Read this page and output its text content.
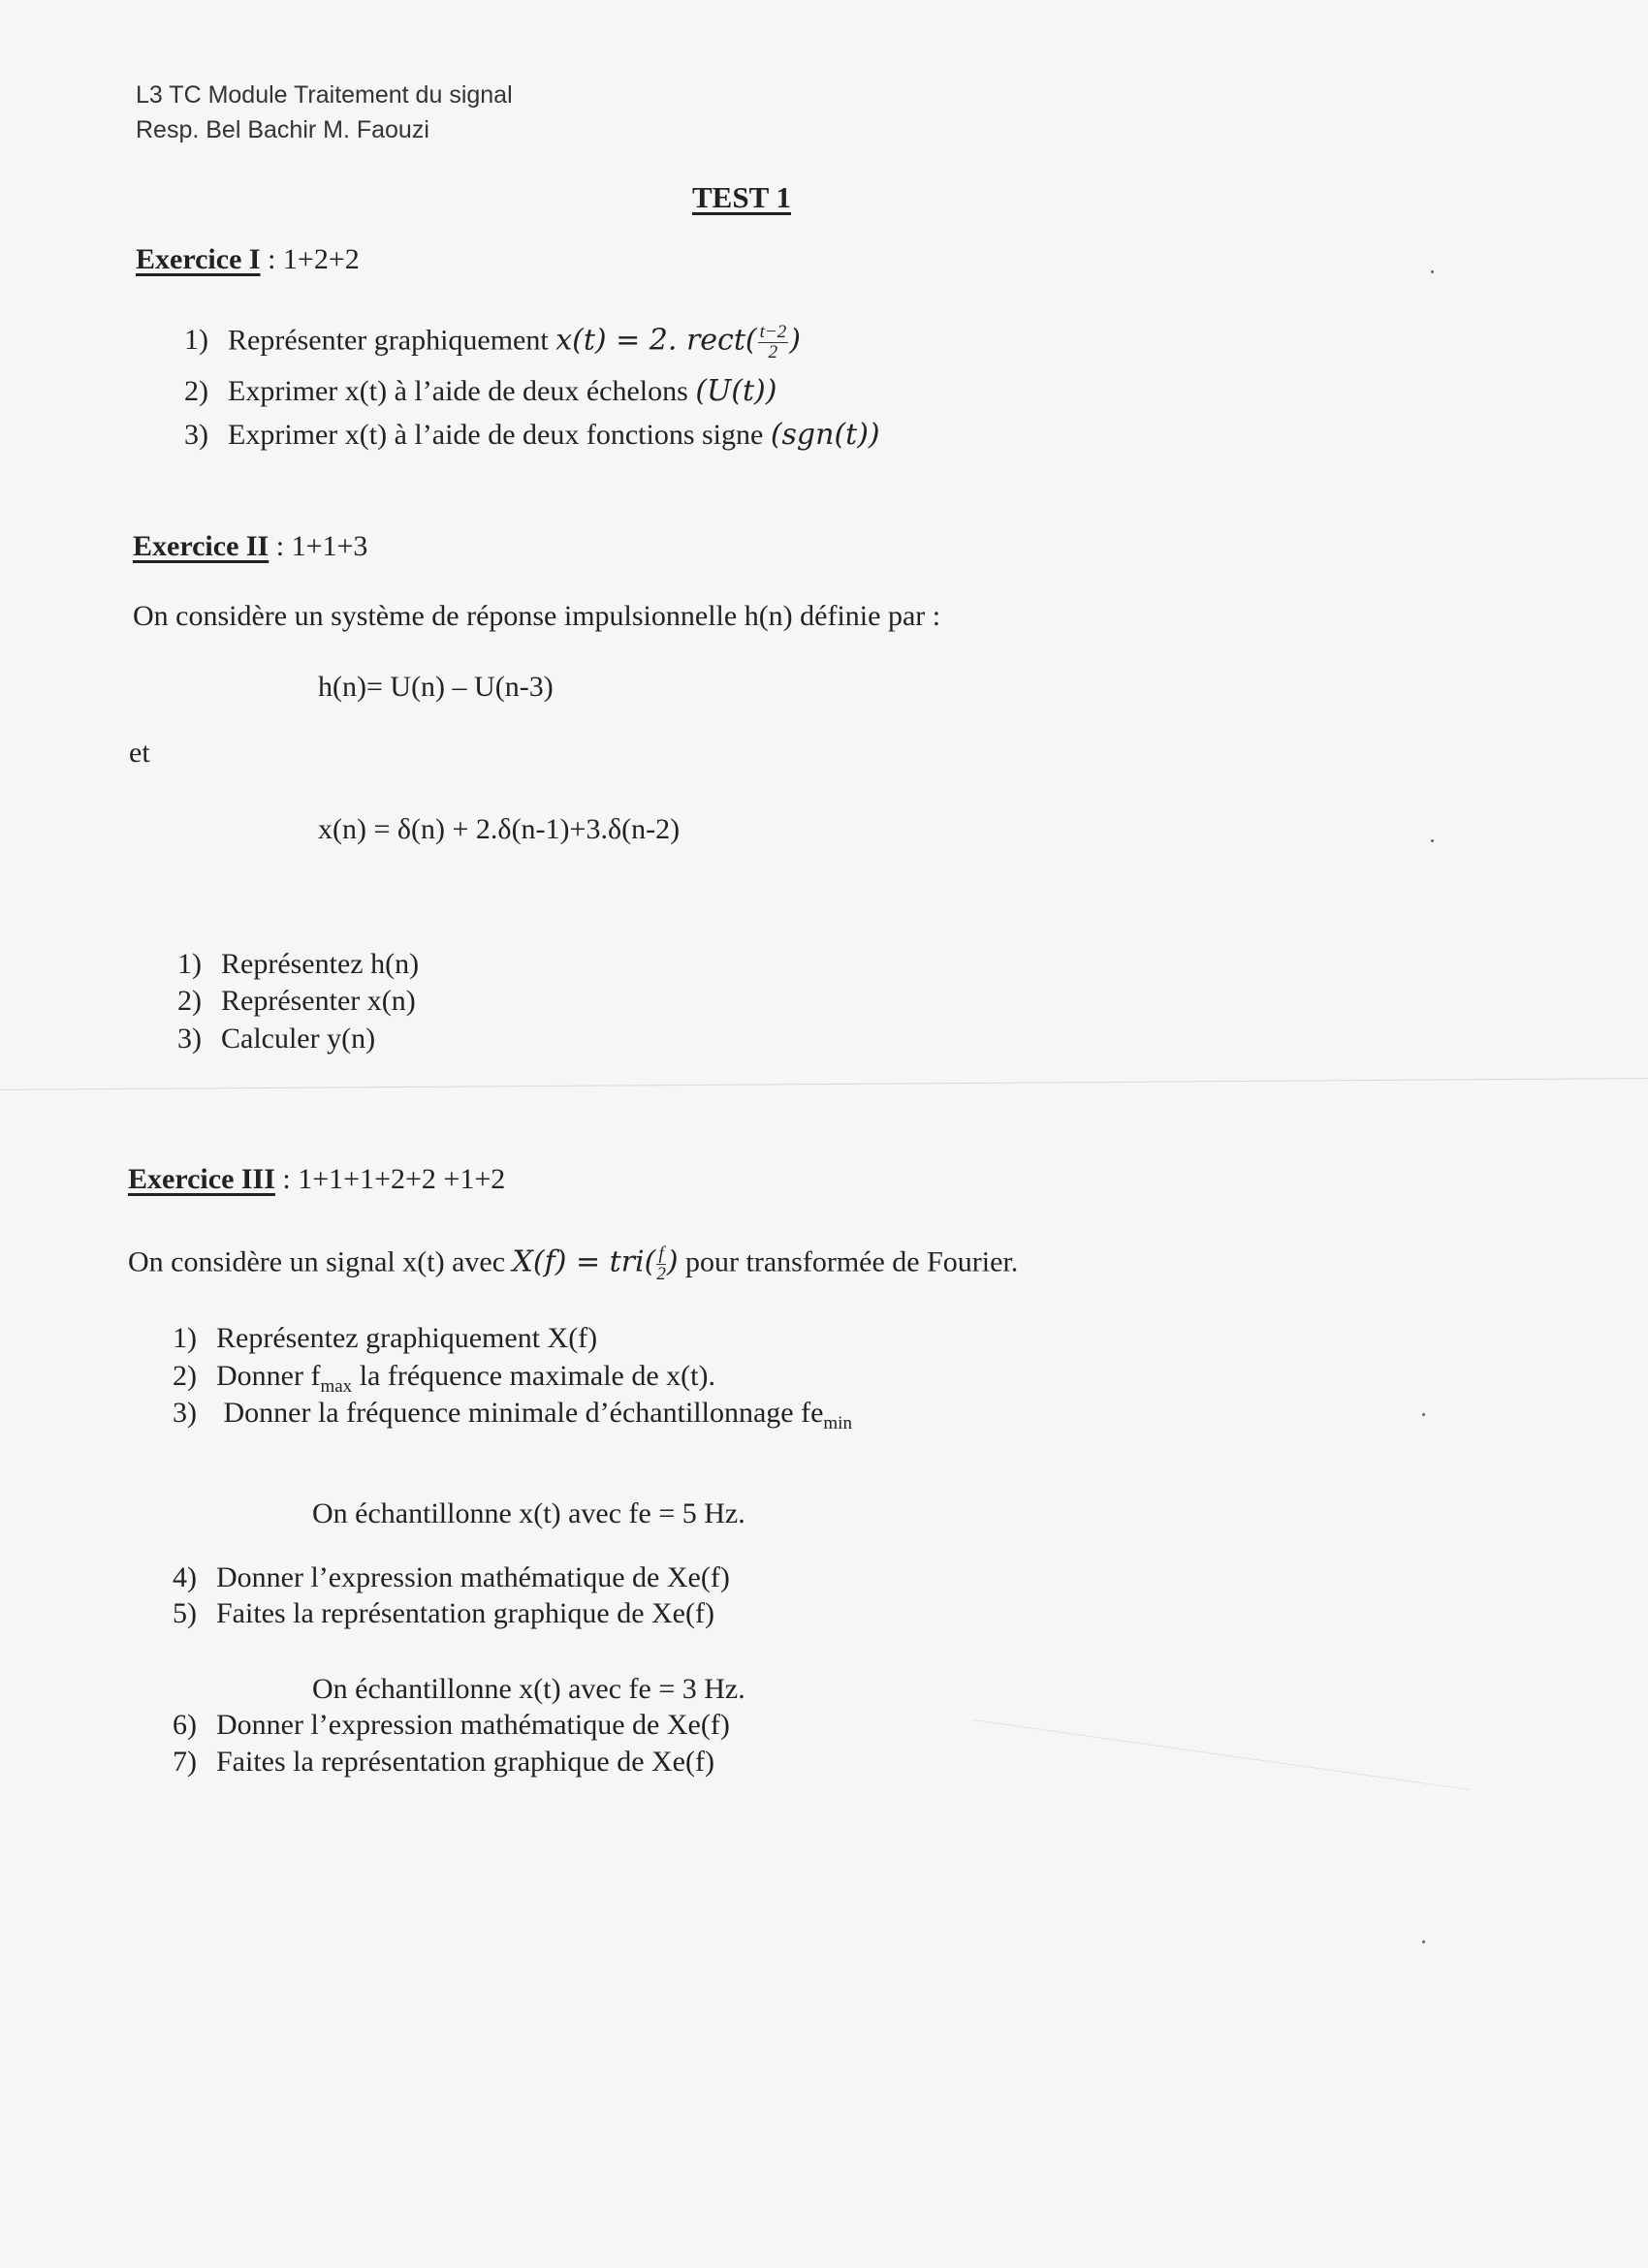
L3 TC Module Traitement du signal
Resp. Bel Bachir M. Faouzi
TEST 1
Exercice I : 1+2+2
1) Représenter graphiquement x(t) = 2. rect( $\frac{t-2}{2}$ )
2) Exprimer x(t) à l’aide de deux échelons (U(t))
3) Exprimer x(t) à l’aide de deux fonctions signe (sgn(t))
Exercice II : 1+1+3
On considère un système de réponse impulsionnelle h(n) définie par :
h(n)= U(n) – U(n-3)
et
x(n) = δ(n) + 2.δ(n-1)+3.δ(n-2)
1) Représentez h(n)
2) Représenter x(n)
3) Calculer y(n)
Exercice III : 1+1+1+2+2 +1+2
On considère un signal x(t) avec $X(f) = tri( \frac{f}{2}$ ) pour transformée de Fourier.
1) Représentez graphiquement X(f)
2) Donner $f_{max}$ la fréquence maximale de x(t).
3) Donner la fréquence minimale d’échantillonnage $fe_{min}$
On échantillonne x(t) avec fe = 5 Hz.
4) Donner l’expression mathématique de Xe(f)
5) Faites la représentation graphique de Xe(f)
On échantillonne x(t) avec fe = 3 Hz.
6) Donner l’expression mathématique de Xe(f)
7) Faites la représentation graphique de Xe(f)
